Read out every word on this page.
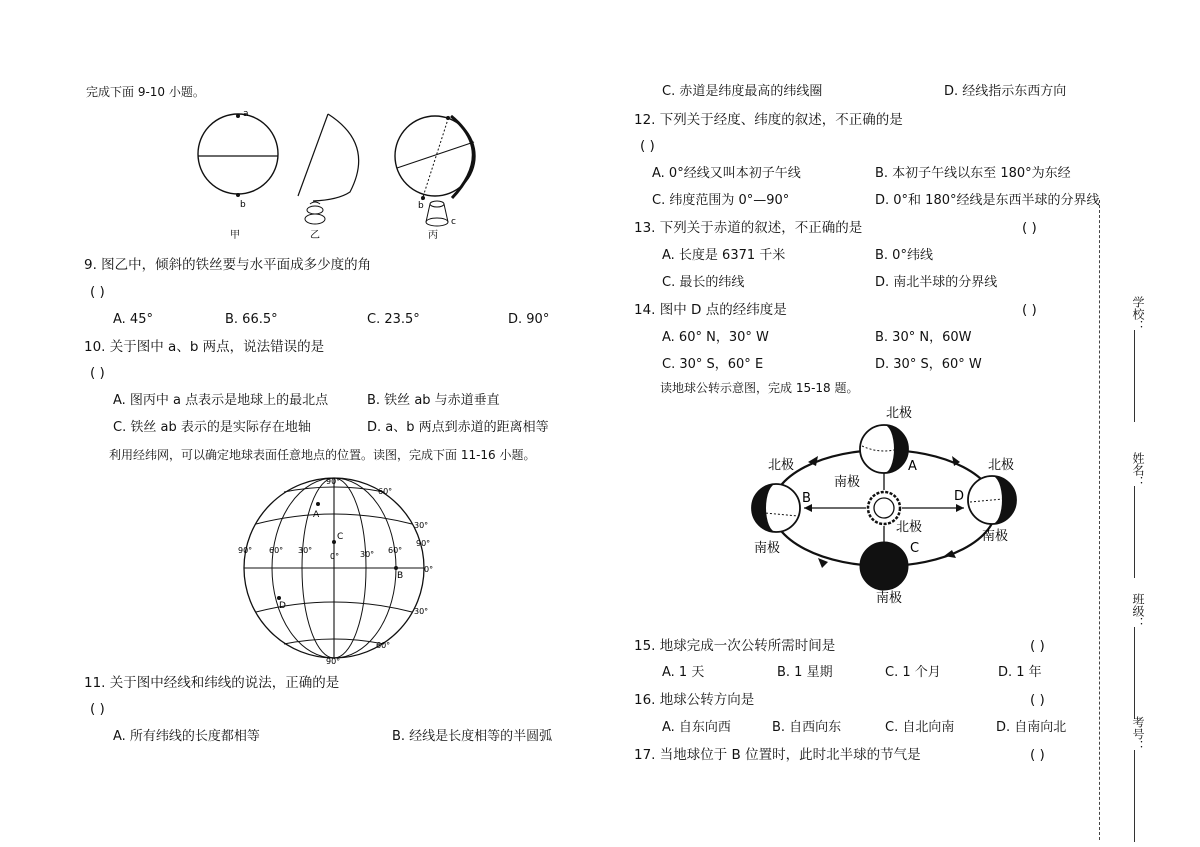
完成下面 9-10 小题。
a
b	b
c
甲	乙	丙
9. 图乙中，倾斜的铁丝要与水平面成多少度的角
( )
A. 45°	B. 66.5°	C. 23.5°	D. 90°
10. 关于图中 a、b 两点，说法错误的是
( )
A. 图丙中 a 点表示是地球上的最北点	B. 铁丝 ab 与赤道垂直
C. 铁丝 ab 表示的是实际存在地轴	D. a、b 两点到赤道的距离相等
利用经纬网，可以确定地球表面任意地点的位置。读图，完成下面 11-16 小题。
A
C
B
D
90°
90°
60°
30°
0°
30°
60°
90° 60° 30°
0°	30° 60°
90°
11. 关于图中经线和纬线的说法，正确的是
( )
A. 所有纬线的长度都相等	B. 经线是长度相等的半圆弧
C. 赤道是纬度最高的纬线圈	D. 经线指示东西方向
12. 下列关于经度、纬度的叙述，不正确的是
( )
A. 0°经线又叫本初子午线	B. 本初子午线以东至 180°为东经
C. 纬度范围为 0°—90°	D. 0°和 180°经线是东西半球的分界线
13. 下列关于赤道的叙述，不正确的是	( )
A. 长度是 6371 千米	B. 0°纬线
C. 最长的纬线	D. 南北半球的分界线
14. 图中 D 点的经纬度是	( )
A. 60° N，30° W	B. 30° N，60W
C. 30° S，60° E	D. 30° S，60° W
读地球公转示意图，完成 15-18 题。
北极
南极
A
北极
南极
B
北极
南极
C
北极
南极
D
15. 地球完成一次公转所需时间是	( )
A. 1 天	B. 1 星期	C. 1 个月	D. 1 年
16. 地球公转方向是	( )
A. 自东向西	B. 自西向东	C. 自北向南	D. 自南向北
17. 当地球位于 B 位置时，此时北半球的节气是	( )
学校：
姓名：
班级：
考号：
